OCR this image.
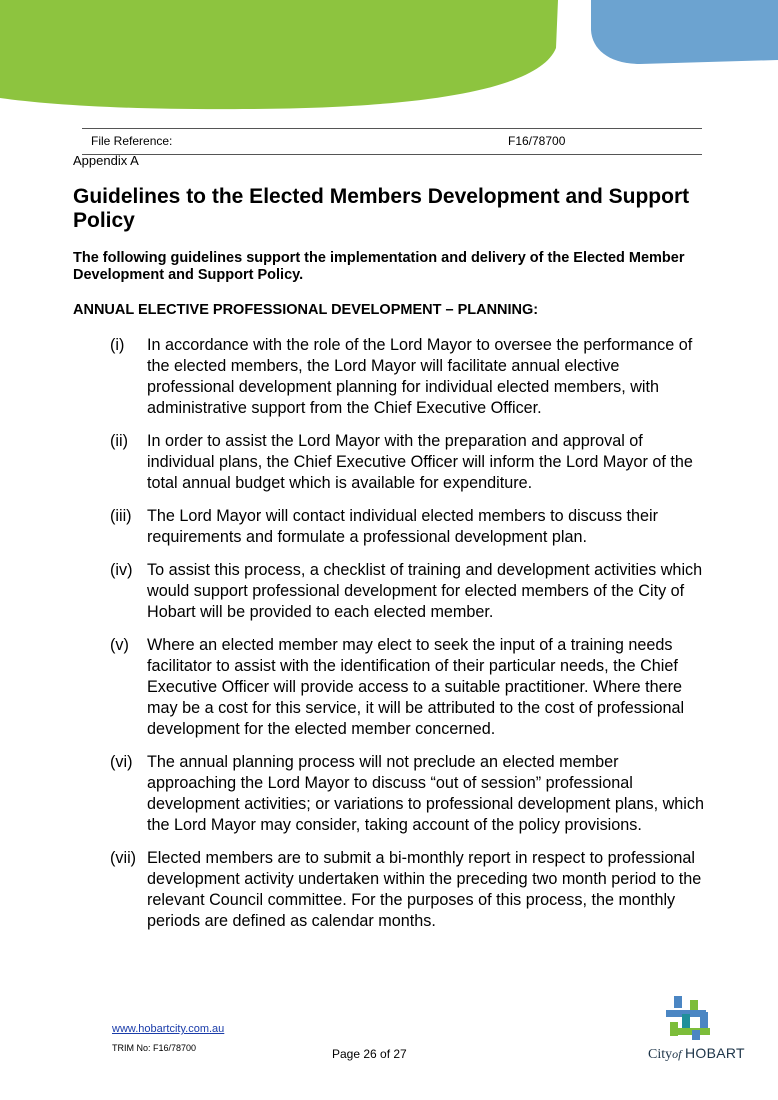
File Reference:	F16/78700
Appendix A
Guidelines to the Elected Members Development and Support Policy

The following guidelines support the implementation and delivery of the Elected Member Development and Support Policy.

ANNUAL ELECTIVE PROFESSIONAL DEVELOPMENT – PLANNING:
(i)	In accordance with the role of the Lord Mayor to oversee the performance of the elected members, the Lord Mayor will facilitate annual elective professional development planning for individual elected members, with administrative support from the Chief Executive Officer.
(ii)	In order to assist the Lord Mayor with the preparation and approval of individual plans, the Chief Executive Officer will inform the Lord Mayor of the total annual budget which is available for expenditure.
(iii) The Lord Mayor will contact individual elected members to discuss their requirements and formulate a professional development plan.
(iv) To assist this process, a checklist of training and development activities which would support professional development for elected members of the City of Hobart will be provided to each elected member.
(v)	Where an elected member may elect to seek the input of a training needs facilitator to assist with the identification of their particular needs, the Chief Executive Officer will provide access to a suitable practitioner. Where there may be a cost for this service, it will be attributed to the cost of professional development for the elected member concerned.
(vi) The annual planning process will not preclude an elected member approaching the Lord Mayor to discuss “out of session” professional development activities; or variations to professional development plans, which the Lord Mayor may consider, taking account of the policy provisions.
(vii) Elected members are to submit a bi-monthly report in respect to professional development activity undertaken within the preceding two month period to the relevant Council committee. For the purposes of this process, the monthly periods are defined as calendar months.
www.hobartcity.com.au
TRIM No: F16/78700	Page 26 of 27	Cityof HOBART
